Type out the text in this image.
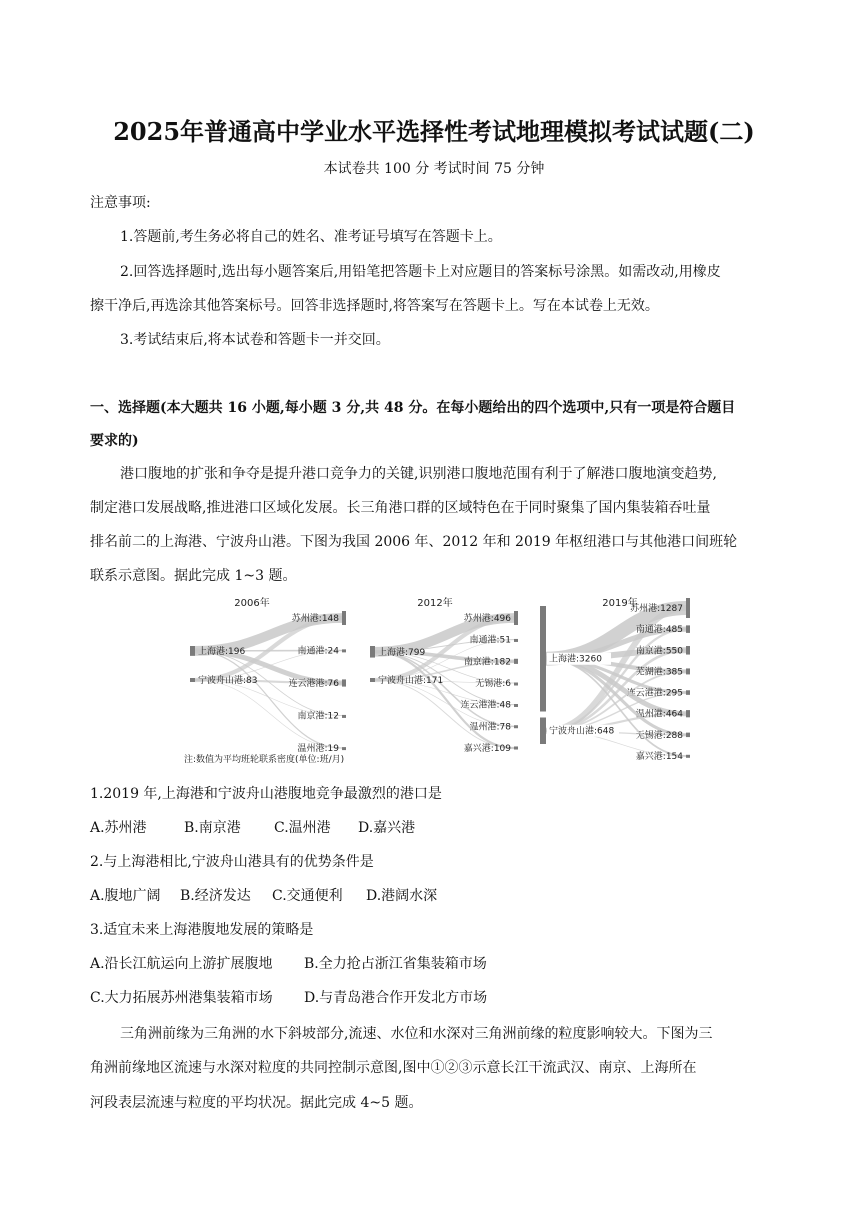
2025年普通高中学业水平选择性考试地理模拟考试试题(二)
本试卷共 100 分 考试时间 75 分钟
注意事项:
1.答题前,考生务必将自己的姓名、准考证号填写在答题卡上。
2.回答选择题时,选出每小题答案后,用铅笔把答题卡上对应题目的答案标号涂黑。如需改动,用橡皮
擦干净后,再选涂其他答案标号。回答非选择题时,将答案写在答题卡上。写在本试卷上无效。
3.考试结束后,将本试卷和答题卡一并交回。
一、选择题(本大题共 16 小题,每小题 3 分,共 48 分。在每小题给出的四个选项中,只有一项是符合题目
要求的)
港口腹地的扩张和争夺是提升港口竞争力的关键,识别港口腹地范围有利于了解港口腹地演变趋势,
制定港口发展战略,推进港口区域化发展。长三角港口群的区域特色在于同时聚集了国内集装箱吞吐量
排名前二的上海港、宁波舟山港。下图为我国 2006 年、2012 年和 2019 年枢纽港口与其他港口间班轮
联系示意图。据此完成 1~3 题。
2006年
苏州港:148
南通港:24
连云港港:76
南京港:12
温州港:19
上海港:196
宁波舟山港:83
2012年
苏州港:496
南通港:51
南京港:182
无锡港:6
连云港港:48
温州港:78
嘉兴港:109
上海港:799
宁波舟山港:171
2019年
苏州港:1287
南通港:485
南京港:550
芜湖港:385
连云港港:295
温州港:464
无锡港:288
嘉兴港:154
上海港:3260
宁波舟山港:648
注:数值为平均班轮联系密度(单位:班/月)
1.2019 年,上海港和宁波舟山港腹地竞争最激烈的港口是
A.苏州港	B.南京港 C.温州港 D.嘉兴港
2.与上海港相比,宁波舟山港具有的优势条件是
A.腹地广阔 B.经济发达 C.交通便利 D.港阔水深
3.适宜未来上海港腹地发展的策略是
A.沿长江航运向上游扩展腹地 B.全力抢占浙江省集装箱市场
C.大力拓展苏州港集装箱市场 D.与青岛港合作开发北方市场
三角洲前缘为三角洲的水下斜坡部分,流速、水位和水深对三角洲前缘的粒度影响较大。下图为三
角洲前缘地区流速与水深对粒度的共同控制示意图,图中①②③示意长江干流武汉、南京、上海所在
河段表层流速与粒度的平均状况。据此完成 4~5 题。
